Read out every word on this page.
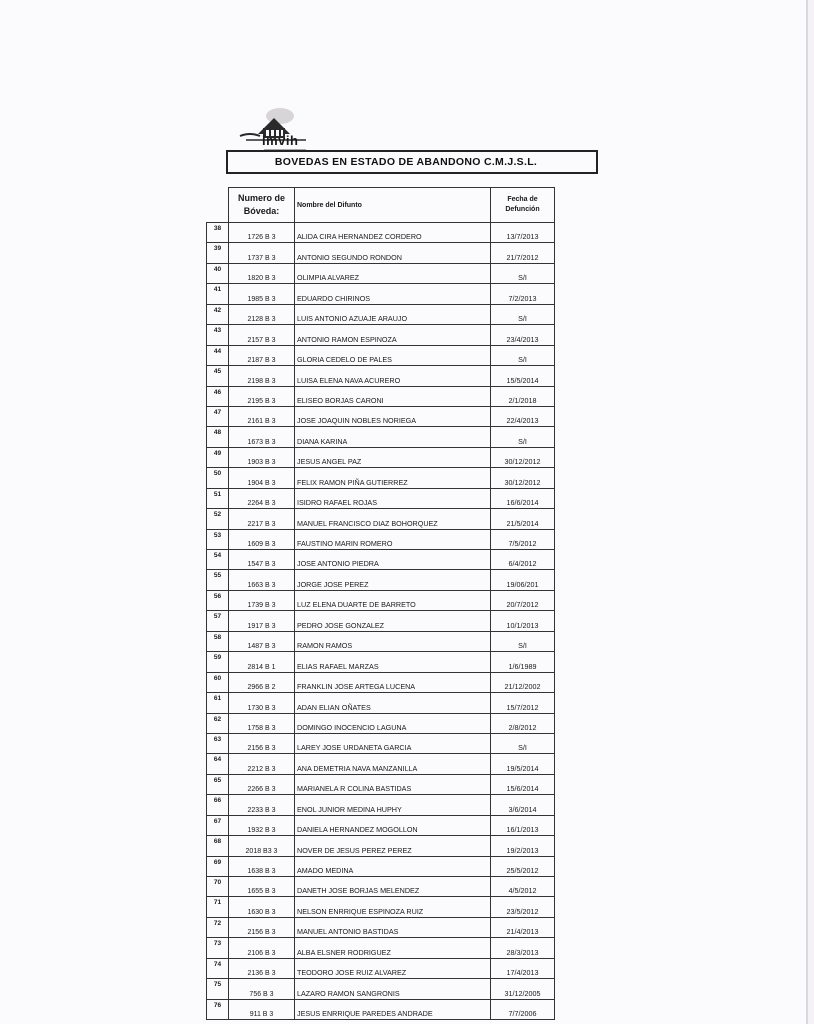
imvih
BOVEDAS EN ESTADO DE ABANDONO C.M.J.S.L.
	Numero de Bóveda:	Nombre del Difunto	Fecha de Defunción
38	1726 B 3	ALIDA CIRA HERNANDEZ CORDERO	13/7/2013
39	1737 B 3	ANTONIO SEGUNDO RONDON	21/7/2012
40	1820 B 3	OLIMPIA ALVAREZ	S/I
41	1985 B 3	EDUARDO CHIRINOS	7/2/2013
42	2128 B 3	LUIS ANTONIO AZUAJE ARAUJO	S/I
43	2157 B 3	ANTONIO RAMON ESPINOZA	23/4/2013
44	2187 B 3	GLORIA CEDELO DE PALES	S/I
45	2198 B 3	LUISA ELENA NAVA ACURERO	15/5/2014
46	2195 B 3	ELISEO BORJAS CARONI	2/1/2018
47	2161 B 3	JOSE JOAQUIN NOBLES NORIEGA	22/4/2013
48	1673 B 3	DIANA KARINA	S/I
49	1903 B 3	JESUS ANGEL PAZ	30/12/2012
50	1904 B 3	FELIX RAMON PIÑA GUTIERREZ	30/12/2012
51	2264 B 3	ISIDRO RAFAEL ROJAS	16/6/2014
52	2217 B 3	MANUEL FRANCISCO DIAZ BOHORQUEZ	21/5/2014
53	1609 B 3	FAUSTINO MARIN ROMERO	7/5/2012
54	1547 B 3	JOSE ANTONIO PIEDRA	6/4/2012
55	1663 B 3	JORGE JOSE PEREZ	19/06/201
56	1739 B 3	LUZ ELENA DUARTE DE BARRETO	20/7/2012
57	1917 B 3	PEDRO JOSE GONZALEZ	10/1/2013
58	1487 B 3	RAMON RAMOS	S/I
59	2814 B 1	ELIAS RAFAEL MARZAS	1/6/1989
60	2966 B 2	FRANKLIN JOSE ARTEGA LUCENA	21/12/2002
61	1730 B 3	ADAN ELIAN OÑATES	15/7/2012
62	1758 B 3	DOMINGO INOCENCIO LAGUNA	2/8/2012
63	2156 B 3	LAREY JOSE URDANETA GARCIA	S/I
64	2212 B 3	ANA DEMETRIA NAVA MANZANILLA	19/5/2014
65	2266 B 3	MARIANELA R COLINA BASTIDAS	15/6/2014
66	2233 B 3	ENOL JUNIOR MEDINA HUPHY	3/6/2014
67	1932 B 3	DANIELA HERNANDEZ MOGOLLON	16/1/2013
68	2018 B3 3	NOVER DE JESUS PEREZ PEREZ	19/2/2013
69	1638 B 3	AMADO MEDINA	25/5/2012
70	1655 B 3	DANETH JOSE BORJAS MELENDEZ	4/5/2012
71	1630 B 3	NELSON ENRRIQUE ESPINOZA RUIZ	23/5/2012
72	2156 B 3	MANUEL ANTONIO BASTIDAS	21/4/2013
73	2106 B 3	ALBA ELSNER RODRIGUEZ	28/3/2013
74	2136 B 3	TEODORO JOSE RUIZ ALVAREZ	17/4/2013
75	756 B 3	LAZARO RAMON SANGRONIS	31/12/2005
76	911 B 3	JESUS ENRRIQUE PAREDES ANDRADE	7/7/2006
